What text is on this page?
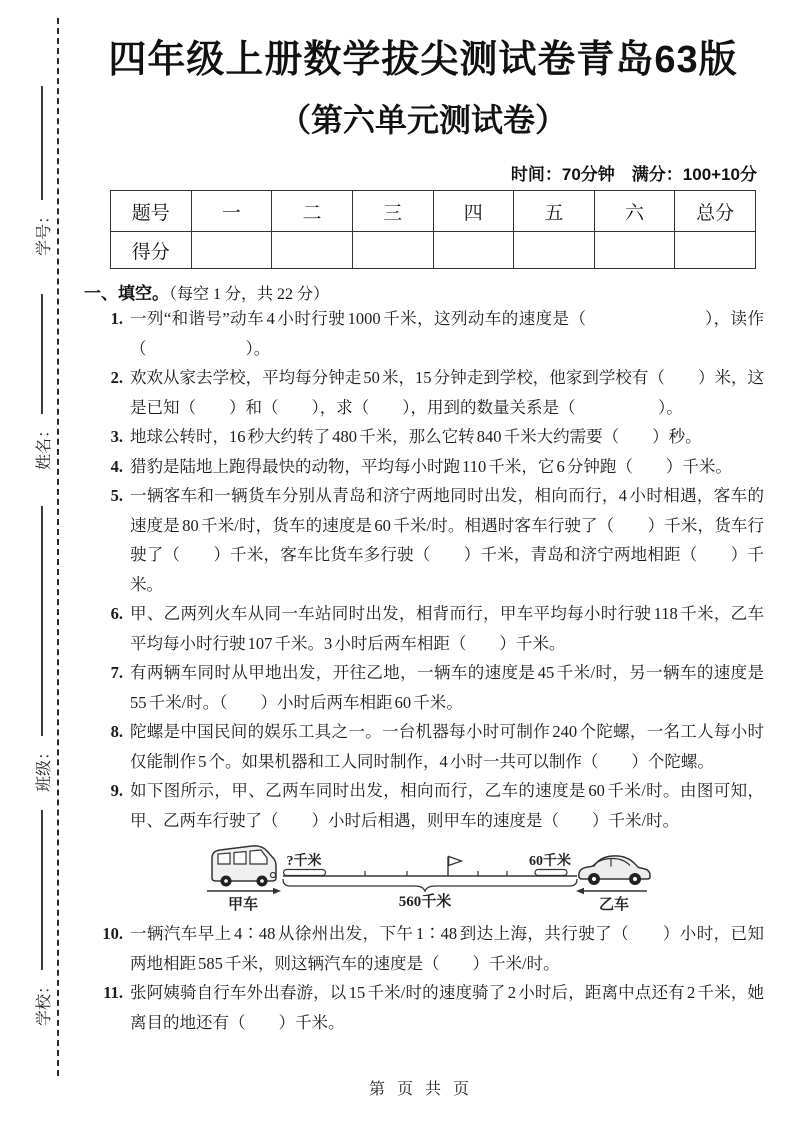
学号：
姓名：
班级：
学校：
四年级上册数学拔尖测试卷青岛63版
（第六单元测试卷）
时间：70分钟　满分：100+10分
题号	一	二	三	四	五	六	总分
得分							
一、填空。（每空 1 分，共 22 分）
1. 一列“和谐号”动车 4 小时行驶 1000 千米，这列动车的速度是（　　　　　　　），读作（　　　　　　）。
2. 欢欢从家去学校，平均每分钟走 50 米，15 分钟走到学校，他家到学校有（　　）米，这是已知（　　）和（　　），求（　　），用到的数量关系是（　　　　　）。
3. 地球公转时，16 秒大约转了 480 千米，那么它转 840 千米大约需要（　　）秒。
4. 猎豹是陆地上跑得最快的动物，平均每小时跑 110 千米，它 6 分钟跑（　　）千米。
5. 一辆客车和一辆货车分别从青岛和济宁两地同时出发，相向而行，4 小时相遇，客车的速度是 80 千米/时，货车的速度是 60 千米/时。相遇时客车行驶了（　　）千米，货车行驶了（　　）千米，客车比货车多行驶（　　）千米，青岛和济宁两地相距（　　）千米。
6. 甲、乙两列火车从同一车站同时出发，相背而行，甲车平均每小时行驶 118 千米，乙车平均每小时行驶 107 千米。3 小时后两车相距（　　）千米。
7. 有两辆车同时从甲地出发，开往乙地，一辆车的速度是 45 千米/时，另一辆车的速度是 55 千米/时。（　　）小时后两车相距 60 千米。
8. 陀螺是中国民间的娱乐工具之一。一台机器每小时可制作 240 个陀螺，一名工人每小时仅能制作 5 个。如果机器和工人同时制作，4 小时一共可以制作（　　）个陀螺。
9. 如下图所示，甲、乙两车同时出发，相向而行，乙车的速度是 60 千米/时。由图可知，甲、乙两车行驶了（　　）小时后相遇，则甲车的速度是（　　）千米/时。
甲车
?千米	60千米
560千米	乙车
10. 一辆汽车早上 4∶48 从徐州出发，下午 1∶48 到达上海，共行驶了（　　）小时，已知两地相距 585 千米，则这辆汽车的速度是（　　）千米/时。
11. 张阿姨骑自行车外出春游，以 15 千米/时的速度骑了 2 小时后，距离中点还有 2 千米，她离目的地还有（　　）千米。
第 页 共 页
